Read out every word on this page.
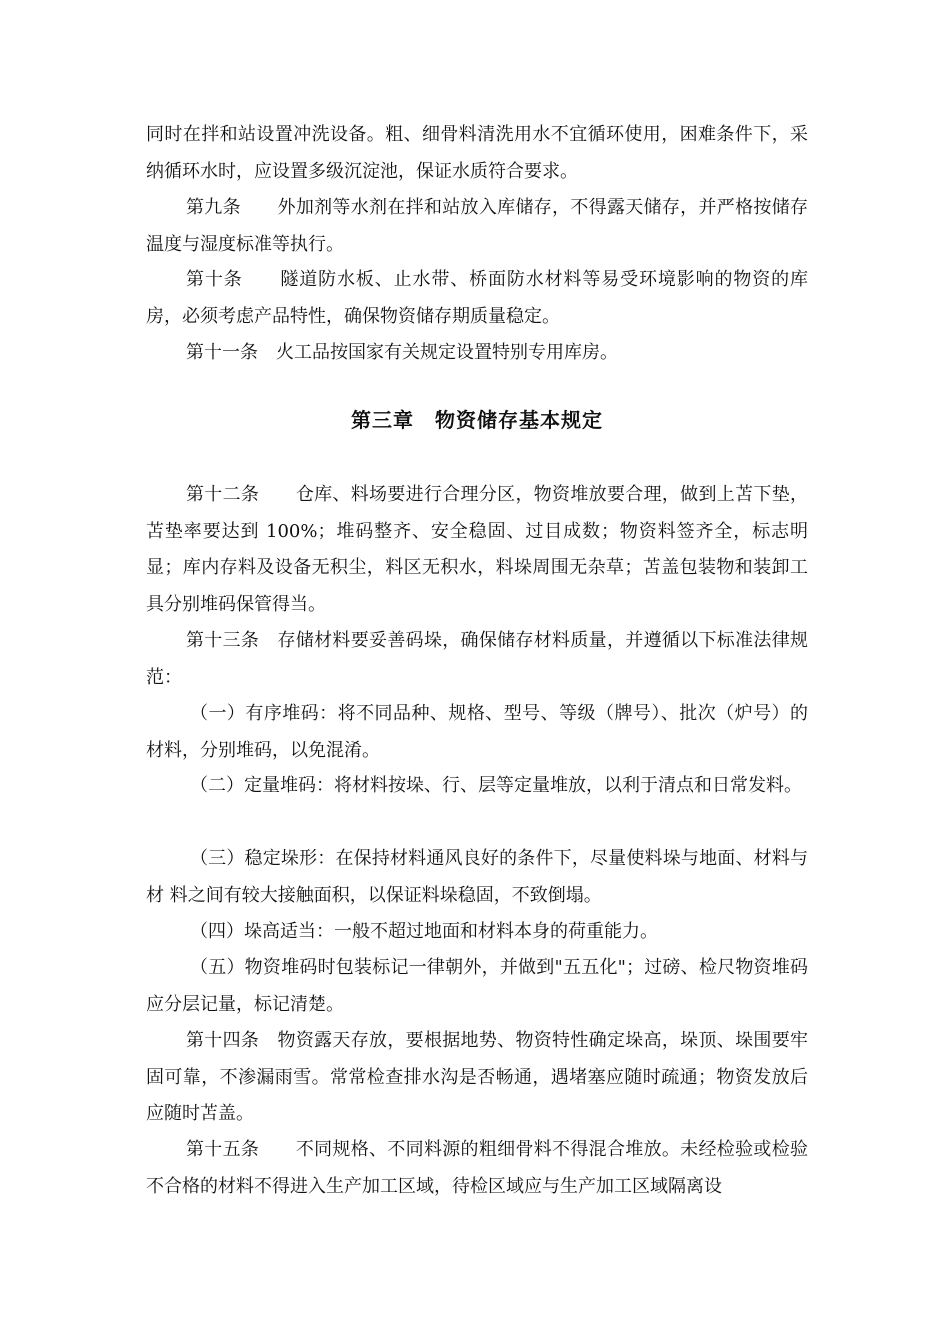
同时在拌和站设置冲洗设备。粗、细骨料清洗用水不宜循环使用，困难条件下，采纳循环水时，应设置多级沉淀池，保证水质符合要求。

第九条　　外加剂等水剂在拌和站放入库储存，不得露天储存，并严格按储存温度与湿度标准等执行。

第十条　　隧道防水板、止水带、桥面防水材料等易受环境影响的物资的库房，必须考虑产品特性，确保物资储存期质量稳定。

第十一条　火工品按国家有关规定设置特别专用库房。

第三章　物资储存基本规定

第十二条　　仓库、料场要进行合理分区，物资堆放要合理，做到上苫下垫，苫垫率要达到 100%；堆码整齐、安全稳固、过目成数；物资料签齐全，标志明显；库内存料及设备无积尘，料区无积水，料垛周围无杂草；苫盖包装物和装卸工具分别堆码保管得当。

第十三条　存储材料要妥善码垛，确保储存材料质量，并遵循以下标准法律规范：

（一）有序堆码：将不同品种、规格、型号、等级（牌号）、批次（炉号）的材料，分别堆码，以免混淆。

（二）定量堆码：将材料按垛、行、层等定量堆放，以利于清点和日常发料。

（三）稳定垛形：在保持材料通风良好的条件下，尽量使料垛与地面、材料与材 料之间有较大接触面积，以保证料垛稳固，不致倒塌。

（四）垛高适当：一般不超过地面和材料本身的荷重能力。

（五）物资堆码时包装标记一律朝外，并做到"五五化"；过磅、检尺物资堆码应分层记量，标记清楚。

第十四条　物资露天存放，要根据地势、物资特性确定垛高，垛顶、垛围要牢固可靠，不渗漏雨雪。常常检查排水沟是否畅通，遇堵塞应随时疏通；物资发放后应随时苫盖。

第十五条　　不同规格、不同料源的粗细骨料不得混合堆放。未经检验或检验不合格的材料不得进入生产加工区域，待检区域应与生产加工区域隔离设
